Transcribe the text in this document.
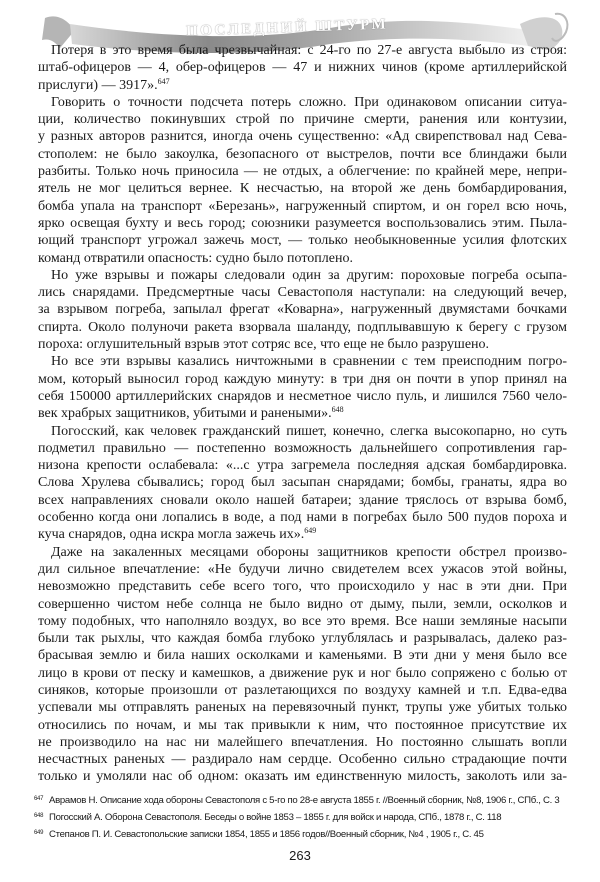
ПОСЛЕДНИЙ ШТУРМ
Потеря в это время была чрезвычайная: с 24-го по 27-е августа выбыло из строя:
штаб-офицеров — 4, обер-офицеров — 47 и нижних чинов (кроме артиллерийской
прислуги) — 3917».$^{647}$
Говорить о точности подсчета потерь сложно. При одинаковом описании ситуа-
ции, количество покинувших строй по причине смерти, ранения или контузии,
у разных авторов разнится, иногда очень существенно: «Ад свирепствовал над Сева-
стополем: не было закоулка, безопасного от выстрелов, почти все блиндажи были
разбиты. Только ночь приносила — не отдых, а облегчение: по крайней мере, непри-
ятель не мог целиться вернее. К несчастью, на второй же день бомбардирования,
бомба упала на транспорт «Березань», нагруженный спиртом, и он горел всю ночь,
ярко освещая бухту и весь город; союзники разумеется воспользовались этим. Пыла-
ющий транспорт угрожал зажечь мост, — только необыкновенные усилия флотских
команд отвратили опасность: судно было потоплено.
Но уже взрывы и пожары следовали один за другим: пороховые погреба осыпа-
лись снарядами. Предсмертные часы Севастополя наступали: на следующий вечер,
за взрывом погреба, запылал фрегат «Коварна», нагруженный двумястами бочками
спирта. Около полуночи ракета взорвала шаланду, подплывавшую к берегу с грузом
пороха: оглушительный взрыв этот сотряс все, что еще не было разрушено.
Но все эти взрывы казались ничтожными в сравнении с тем преисподним погро-
мом, который выносил город каждую минуту: в три дня он почти в упор принял на
себя 150000 артиллерийских снарядов и несметное число пуль, и лишился 7560 чело-
век храбрых защитников, убитыми и ранеными».$^{648}$
Погосский, как человек гражданский пишет, конечно, слегка высокопарно, но суть
подметил правильно — постепенно возможность дальнейшего сопротивления гар-
низона крепости ослабевала: «...с утра загремела последняя адская бомбардировка.
Слова Хрулева сбывались; город был засыпан снарядами; бомбы, гранаты, ядра во
всех направлениях сновали около нашей батареи; здание тряслось от взрыва бомб,
особенно когда они лопались в воде, а под нами в погребах было 500 пудов пороха и
куча снарядов, одна искра могла зажечь их».$^{649}$
Даже на закаленных месяцами обороны защитников крепости обстрел произво-
дил сильное впечатление: «Не будучи лично свидетелем всех ужасов этой войны,
невозможно представить себе всего того, что происходило у нас в эти дни. При
совершенно чистом небе солнца не было видно от дыму, пыли, земли, осколков и
тому подобных, что наполняло воздух, во все это время. Все наши земляные насыпи
были так рыхлы, что каждая бомба глубоко углублялась и разрывалась, далеко раз-
брасывая землю и била наших осколками и каменьями. В эти дни у меня было все
лицо в крови от песку и камешков, а движение рук и ног было сопряжено с болью от
синяков, которые произошли от разлетающихся по воздуху камней и т.п. Едва-едва
успевали мы отправлять раненых на перевязочный пункт, трупы уже убитых только
относились по ночам, и мы так привыкли к ним, что постоянное присутствие их
не производило на нас ни малейшего впечатления. Но постоянно слышать вопли
несчастных раненых — раздирало нам сердце. Особенно сильно страдающие почти
только и умоляли нас об одном: оказать им единственную милость, заколоть или за-
647 Аврамов Н. Описание хода обороны Севастополя с 5-го по 28-е августа 1855 г. //Военный сборник, №8, 1906 г., СПб., С. 3
648 Погосский А. Оборона Севастополя. Беседы о войне 1853 – 1855 г. для войск и народа, СПб., 1878 г., С. 118
649 Степанов П. И. Севастопольские записки 1854, 1855 и 1856 годов//Военный сборник, №4 , 1905 г., С. 45
263
